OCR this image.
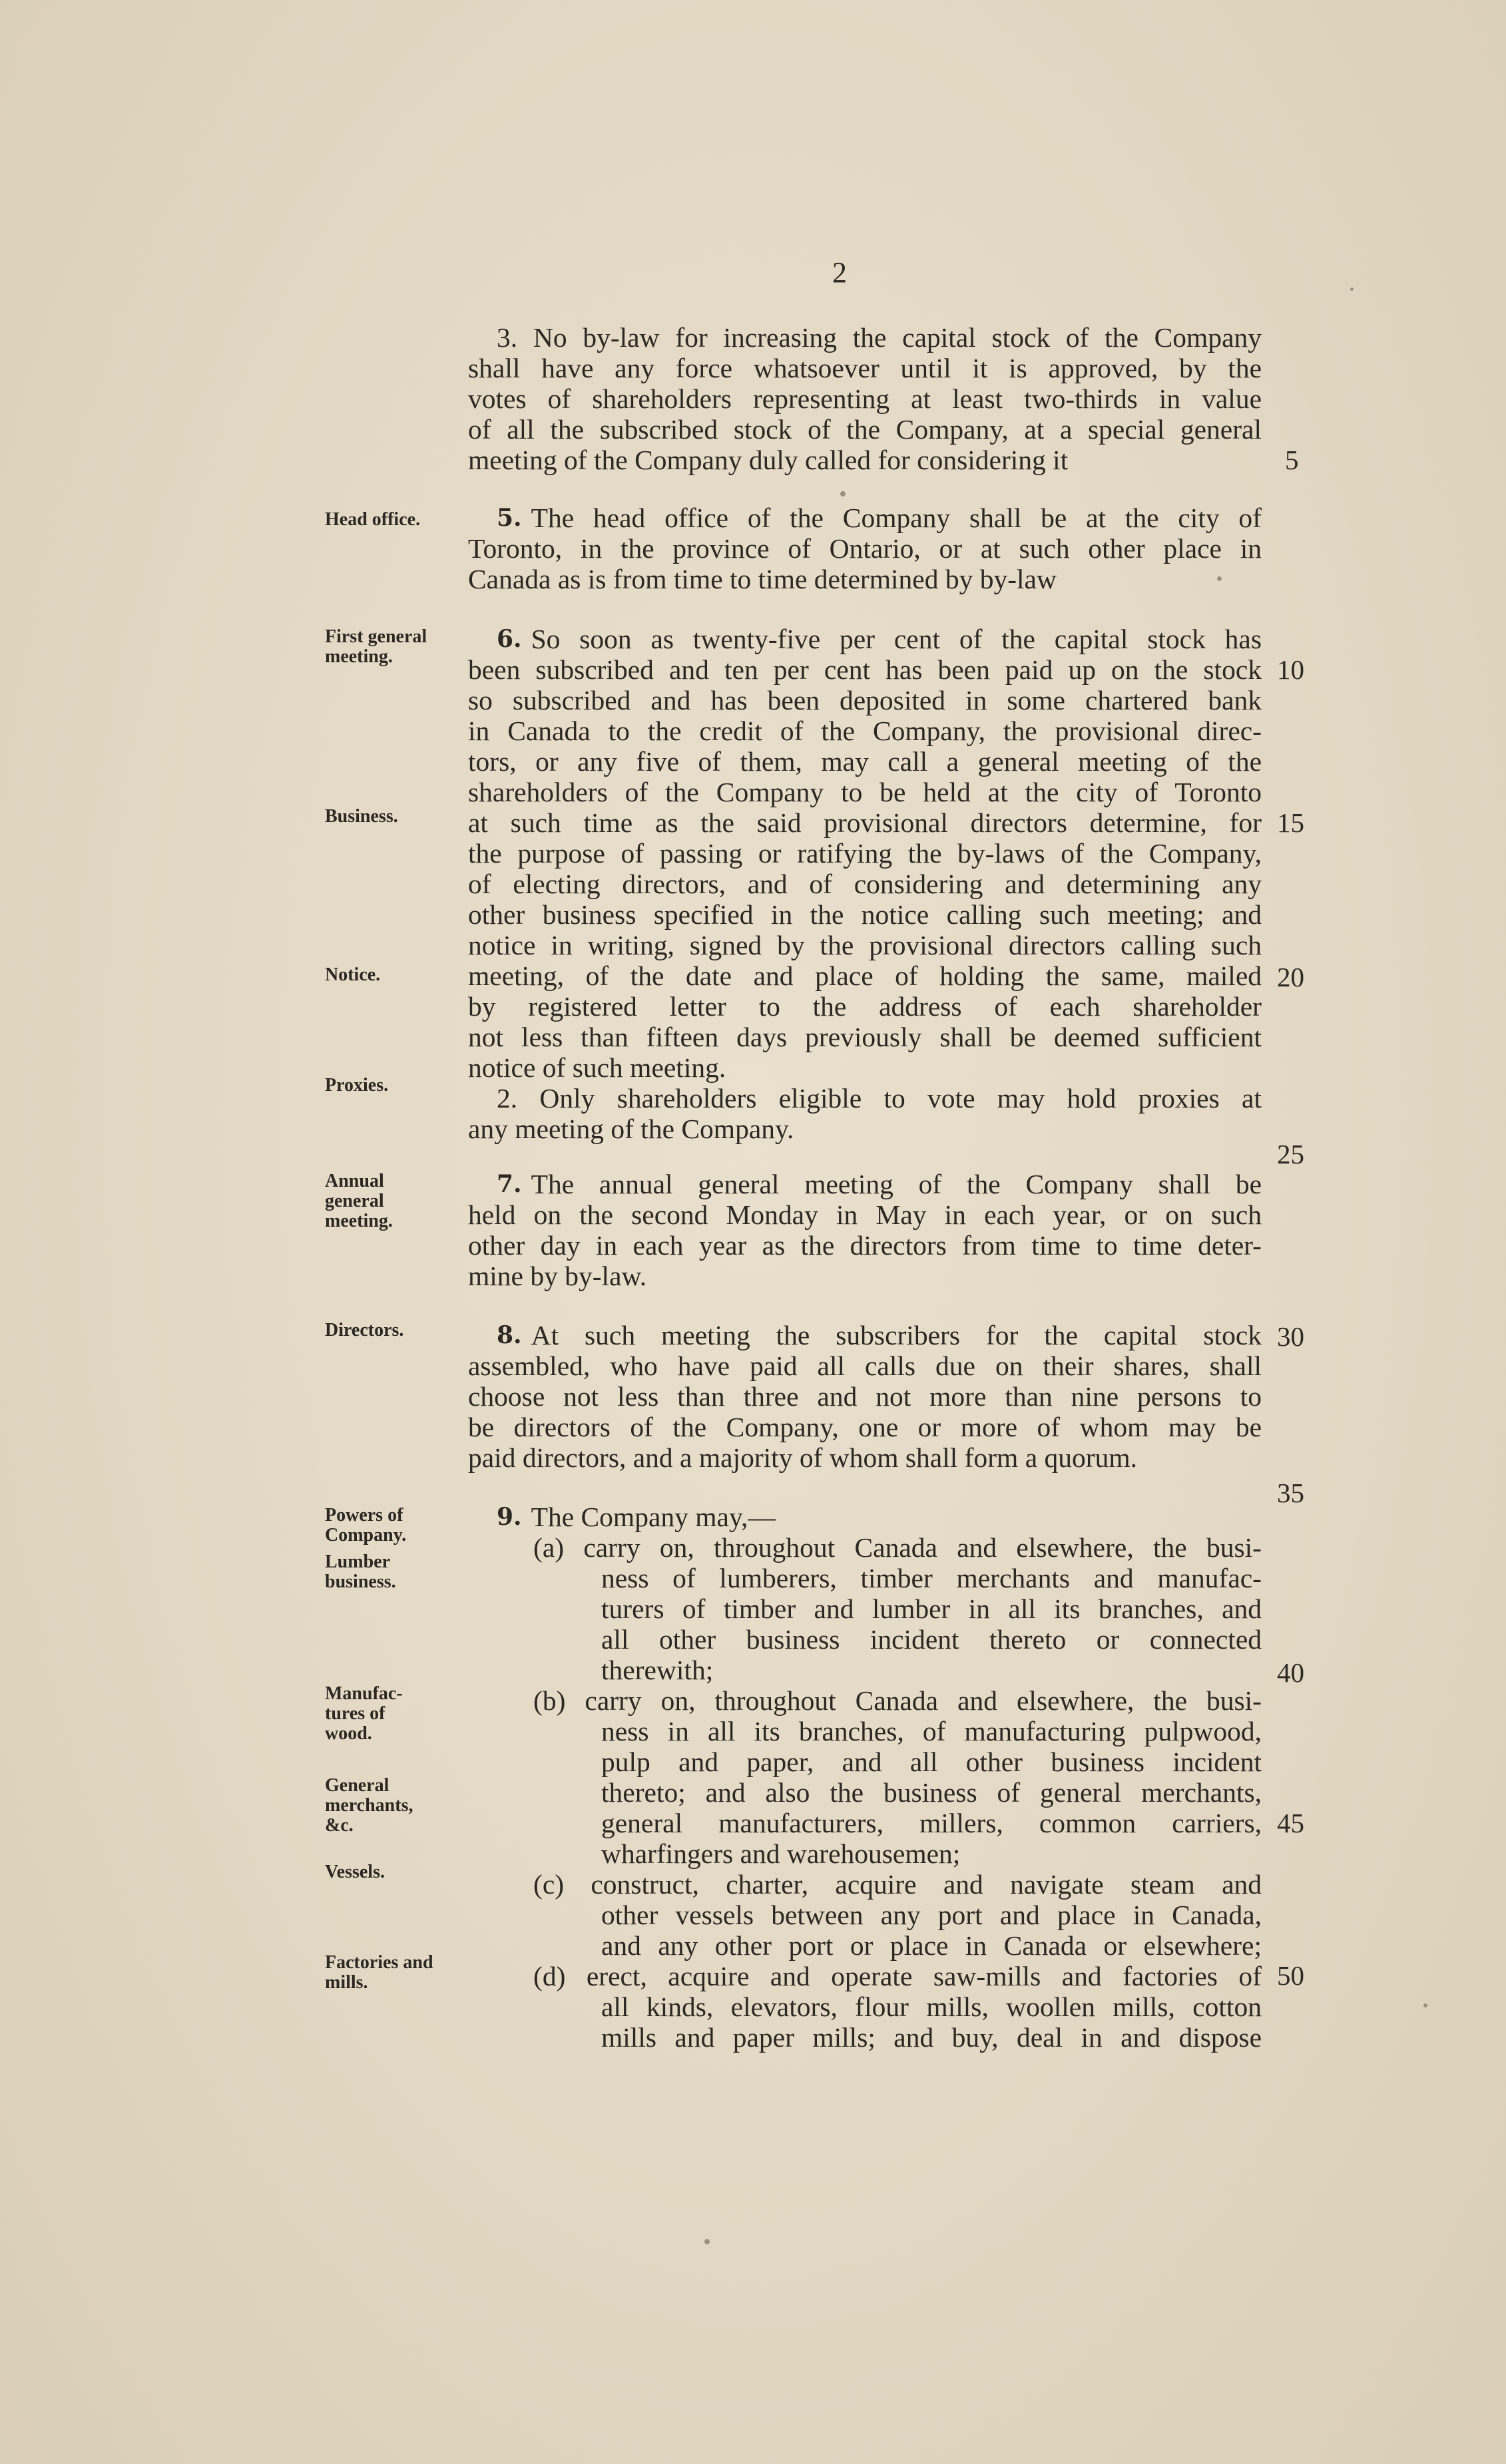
2
Head office.
First general meeting.
Business.
Notice.
Proxies.
Annual general meeting.
Directors.
Powers of Company.
Lumber business.
Manufac-tures of wood.
General merchants, &c.
Vessels.
Factories and mills.
5
10
15
20
25
30
35
40
45
50
3. No by-law for increasing the capital stock of the Company
shall have any force whatsoever until it is approved, by the
votes of shareholders representing at least two-thirds in value
of all the subscribed stock of the Company, at a special general
meeting of the Company duly called for considering it
5. The head office of the Company shall be at the city of
Toronto, in the province of Ontario, or at such other place in
Canada as is from time to time determined by by-law
6. So soon as twenty-five per cent of the capital stock has
been subscribed and ten per cent has been paid up on the stock
so subscribed and has been deposited in some chartered bank
in Canada to the credit of the Company, the provisional direc-
tors, or any five of them, may call a general meeting of the
shareholders of the Company to be held at the city of Toronto
at such time as the said provisional directors determine, for
the purpose of passing or ratifying the by-laws of the Company,
of electing directors, and of considering and determining any
other business specified in the notice calling such meeting; and
notice in writing, signed by the provisional directors calling such
meeting, of the date and place of holding the same, mailed
by registered letter to the address of each shareholder
not less than fifteen days previously shall be deemed sufficient
notice of such meeting.
2. Only shareholders eligible to vote may hold proxies at
any meeting of the Company.
7. The annual general meeting of the Company shall be
held on the second Monday in May in each year, or on such
other day in each year as the directors from time to time deter-
mine by by-law.
8. At such meeting the subscribers for the capital stock
assembled, who have paid all calls due on their shares, shall
choose not less than three and not more than nine persons to
be directors of the Company, one or more of whom may be
paid directors, and a majority of whom shall form a quorum.
9. The Company may,—
(a) carry on, throughout Canada and elsewhere, the busi-
ness of lumberers, timber merchants and manufac-
turers of timber and lumber in all its branches, and
all other business incident thereto or connected
therewith;
(b) carry on, throughout Canada and elsewhere, the busi-
ness in all its branches, of manufacturing pulpwood,
pulp and paper, and all other business incident
thereto; and also the business of general merchants,
general manufacturers, millers, common carriers,
wharfingers and warehousemen;
(c) construct, charter, acquire and navigate steam and
other vessels between any port and place in Canada,
and any other port or place in Canada or elsewhere;
(d) erect, acquire and operate saw-mills and factories of
all kinds, elevators, flour mills, woollen mills, cotton
mills and paper mills; and buy, deal in and dispose
